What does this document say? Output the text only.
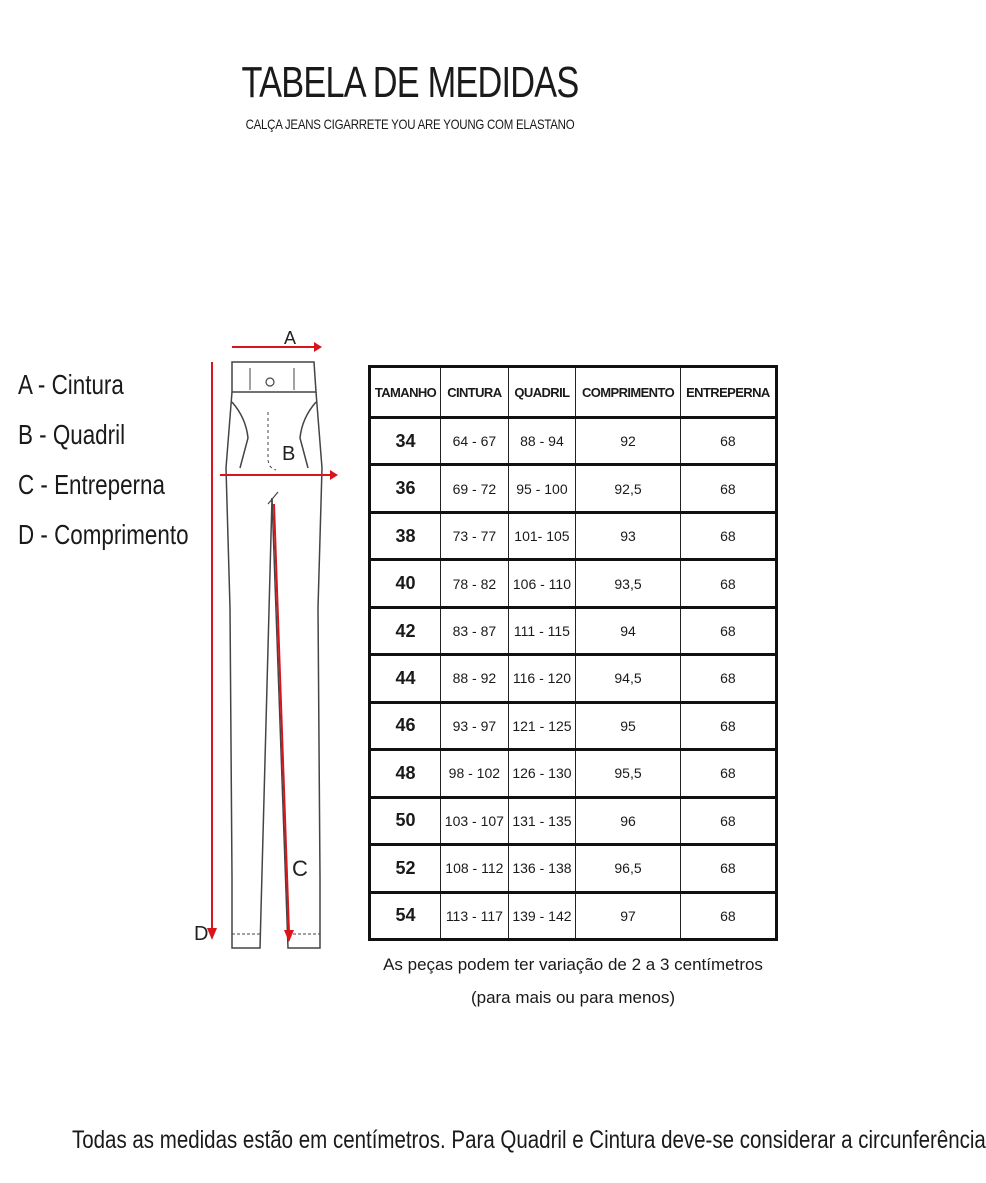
TABELA DE MEDIDAS
CALÇA JEANS CIGARRETE YOU ARE YOUNG COM ELASTANO
A - Cintura
B - Quadril
C - Entreperna
D - Comprimento
A
B
C
D
TAMANHO	CINTURA	QUADRIL	COMPRIMENTO	ENTREPERNA
34	64 - 67	88 - 94	92	68
36	69 - 72	95 - 100	92,5	68
38	73 - 77	101- 105	93	68
40	78 - 82	106 - 110	93,5	68
42	83 - 87	111 - 115	94	68
44	88 - 92	116 - 120	94,5	68
46	93 - 97	121 - 125	95	68
48	98 - 102	126 - 130	95,5	68
50	103 - 107	131 - 135	96	68
52	108 - 112	136 - 138	96,5	68
54	113 - 117	139 - 142	97	68
As peças podem ter variação de 2 a 3 centímetros
(para mais ou para menos)
Todas as medidas estão em centímetros. Para Quadril e Cintura deve-se considerar a circunferência
